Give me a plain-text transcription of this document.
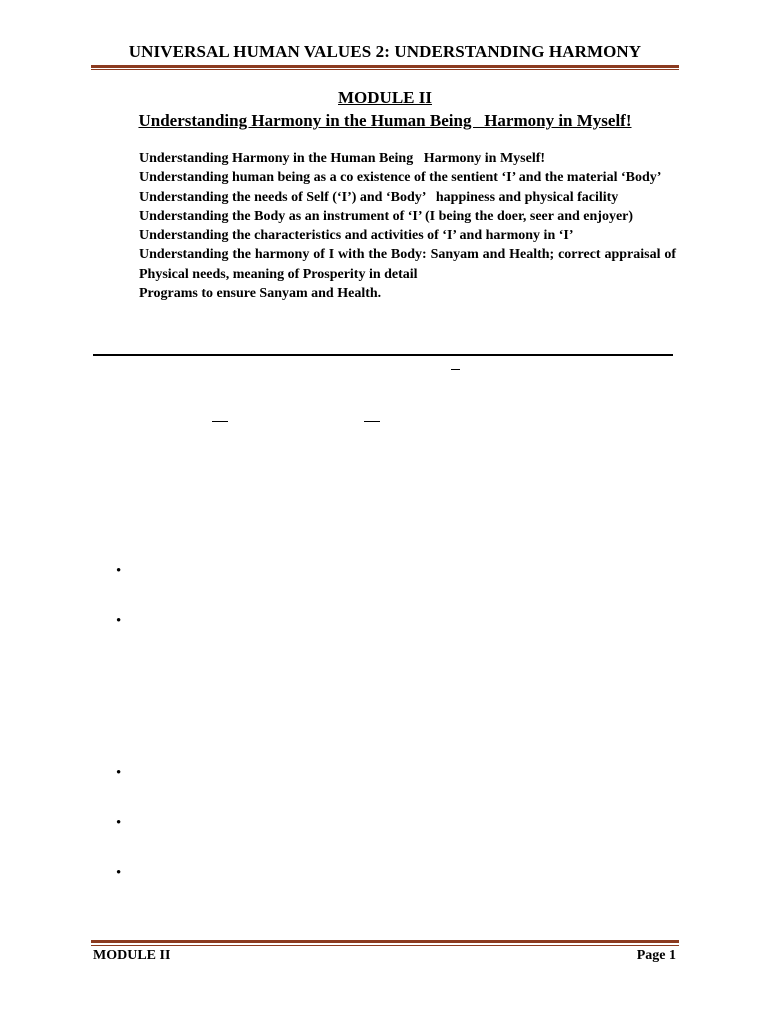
UNIVERSAL HUMAN VALUES 2: UNDERSTANDING HARMONY
MODULE II
Understanding Harmony in the Human Being   Harmony in Myself!
Understanding Harmony in the Human Being   Harmony in Myself!
Understanding human being as a co existence of the sentient ‘I’ and the material ‘Body’
Understanding the needs of Self (‘I’) and ‘Body’   happiness and physical facility
Understanding the Body as an instrument of ‘I’ (I being the doer, seer and enjoyer)
Understanding the characteristics and activities of ‘I’ and harmony in ‘I’
Understanding the harmony of I with the Body: Sanyam and Health; correct appraisal of Physical needs, meaning of Prosperity in detail
Programs to ensure Sanyam and Health.
•
•
•
•
•
MODULE II	Page 1
